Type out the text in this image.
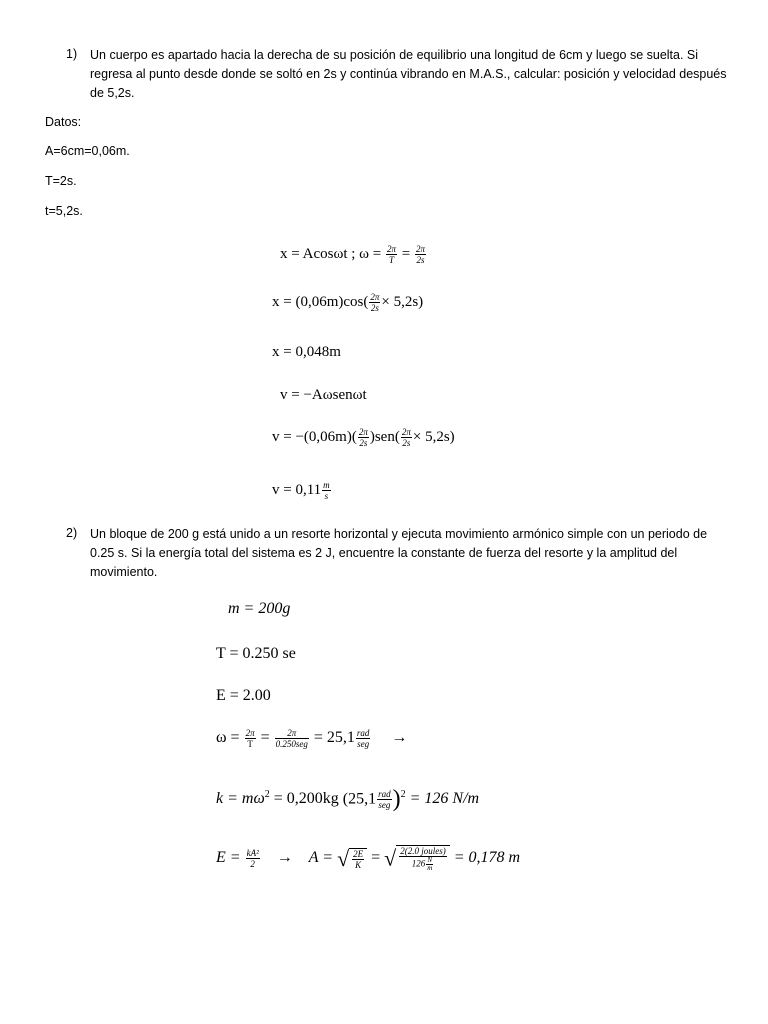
1) Un cuerpo es apartado hacia la derecha de su posición de equilibrio una longitud de 6cm y luego se suelta. Si regresa al punto desde donde se soltó en 2s y continúa vibrando en M.A.S., calcular: posición y velocidad después de 5,2s.
Datos:
A=6cm=0,06m.
T=2s.
t=5,2s.
x = Acosωt ; $\omega = \frac{2\pi}{T} = \frac{2\pi}{2s}$
$x = (0,06m)\cos( \frac{2\pi}{2s} \times 5,2s)$
x = 0,048m
v = −Aωsenωt
$v = -(0,06m)( \frac{2\pi}{2s} )sen( \frac{2\pi}{2s} \times 5,2s)$
$v = 0,11 \frac{m}{s}$
2) Un bloque de 200 g está unido a un resorte horizontal y ejecuta movimiento armónico simple con un periodo de 0.25 s. Si la energía total del sistema es 2 J, encuentre la constante de fuerza del resorte y la amplitud del movimiento.
m = 200g
T = 0.250 se
E = 2.00
$\omega = \frac{2\pi}{T} = \frac{2\pi}{\text{0.250seg}} = 25,1 \frac{\text{rad}}{\text{seg}}$ →
$k = m\omega^2 = 0,200kg$ $(25,1 \frac{\text{rad}}{\text{seg}} )^2 = 126$ N/m
$E = \frac{\text{kA²}}{2} \to A$ = √ $\frac{2E}{K}$ = √ $\frac{\text{2(2.0 joules)}}{126 \frac{N}{m}} = 0,178$ m
